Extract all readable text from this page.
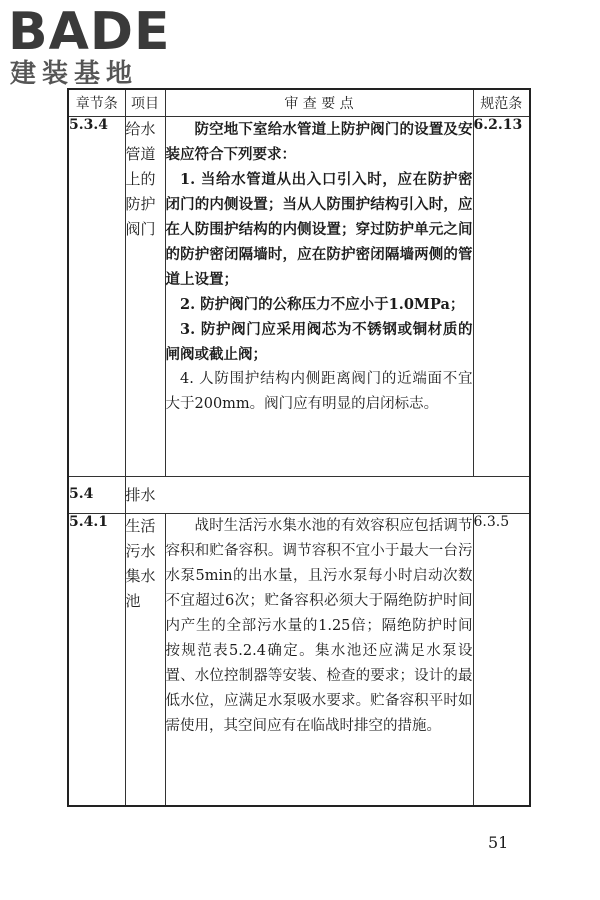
BADE
建装基地
章节条	项目	审 查 要 点	规范条
5.3.4	给水管道上的防护阀门	防空地下室给水管道上防护阀门的设置及安装应符合下列要求：

1. 当给水管道从出入口引入时，应在防护密闭门的内侧设置；当从人防围护结构引入时，应在人防围护结构的内侧设置；穿过防护单元之间的防护密闭隔墙时，应在防护密闭隔墙两侧的管道上设置；

2. 防护阀门的公称压力不应小于1.0MPa；

3. 防护阀门应采用阀芯为不锈钢或铜材质的闸阀或截止阀；

4. 人防围护结构内侧距离阀门的近端面不宜大于200mm。阀门应有明显的启闭标志。	6.2.13
5.4	排水		
5.4.1	生活污水集水池	战时生活污水集水池的有效容积应包括调节容积和贮备容积。调节容积不宜小于最大一台污水泵5min的出水量，且污水泵每小时启动次数不宜超过6次；贮备容积必须大于隔绝防护时间内产生的全部污水量的1.25倍；隔绝防护时间按规范表5.2.4确定。集水池还应满足水泵设置、水位控制器等安装、检查的要求；设计的最低水位，应满足水泵吸水要求。贮备容积平时如需使用，其空间应有在临战时排空的措施。	6.3.5
51
